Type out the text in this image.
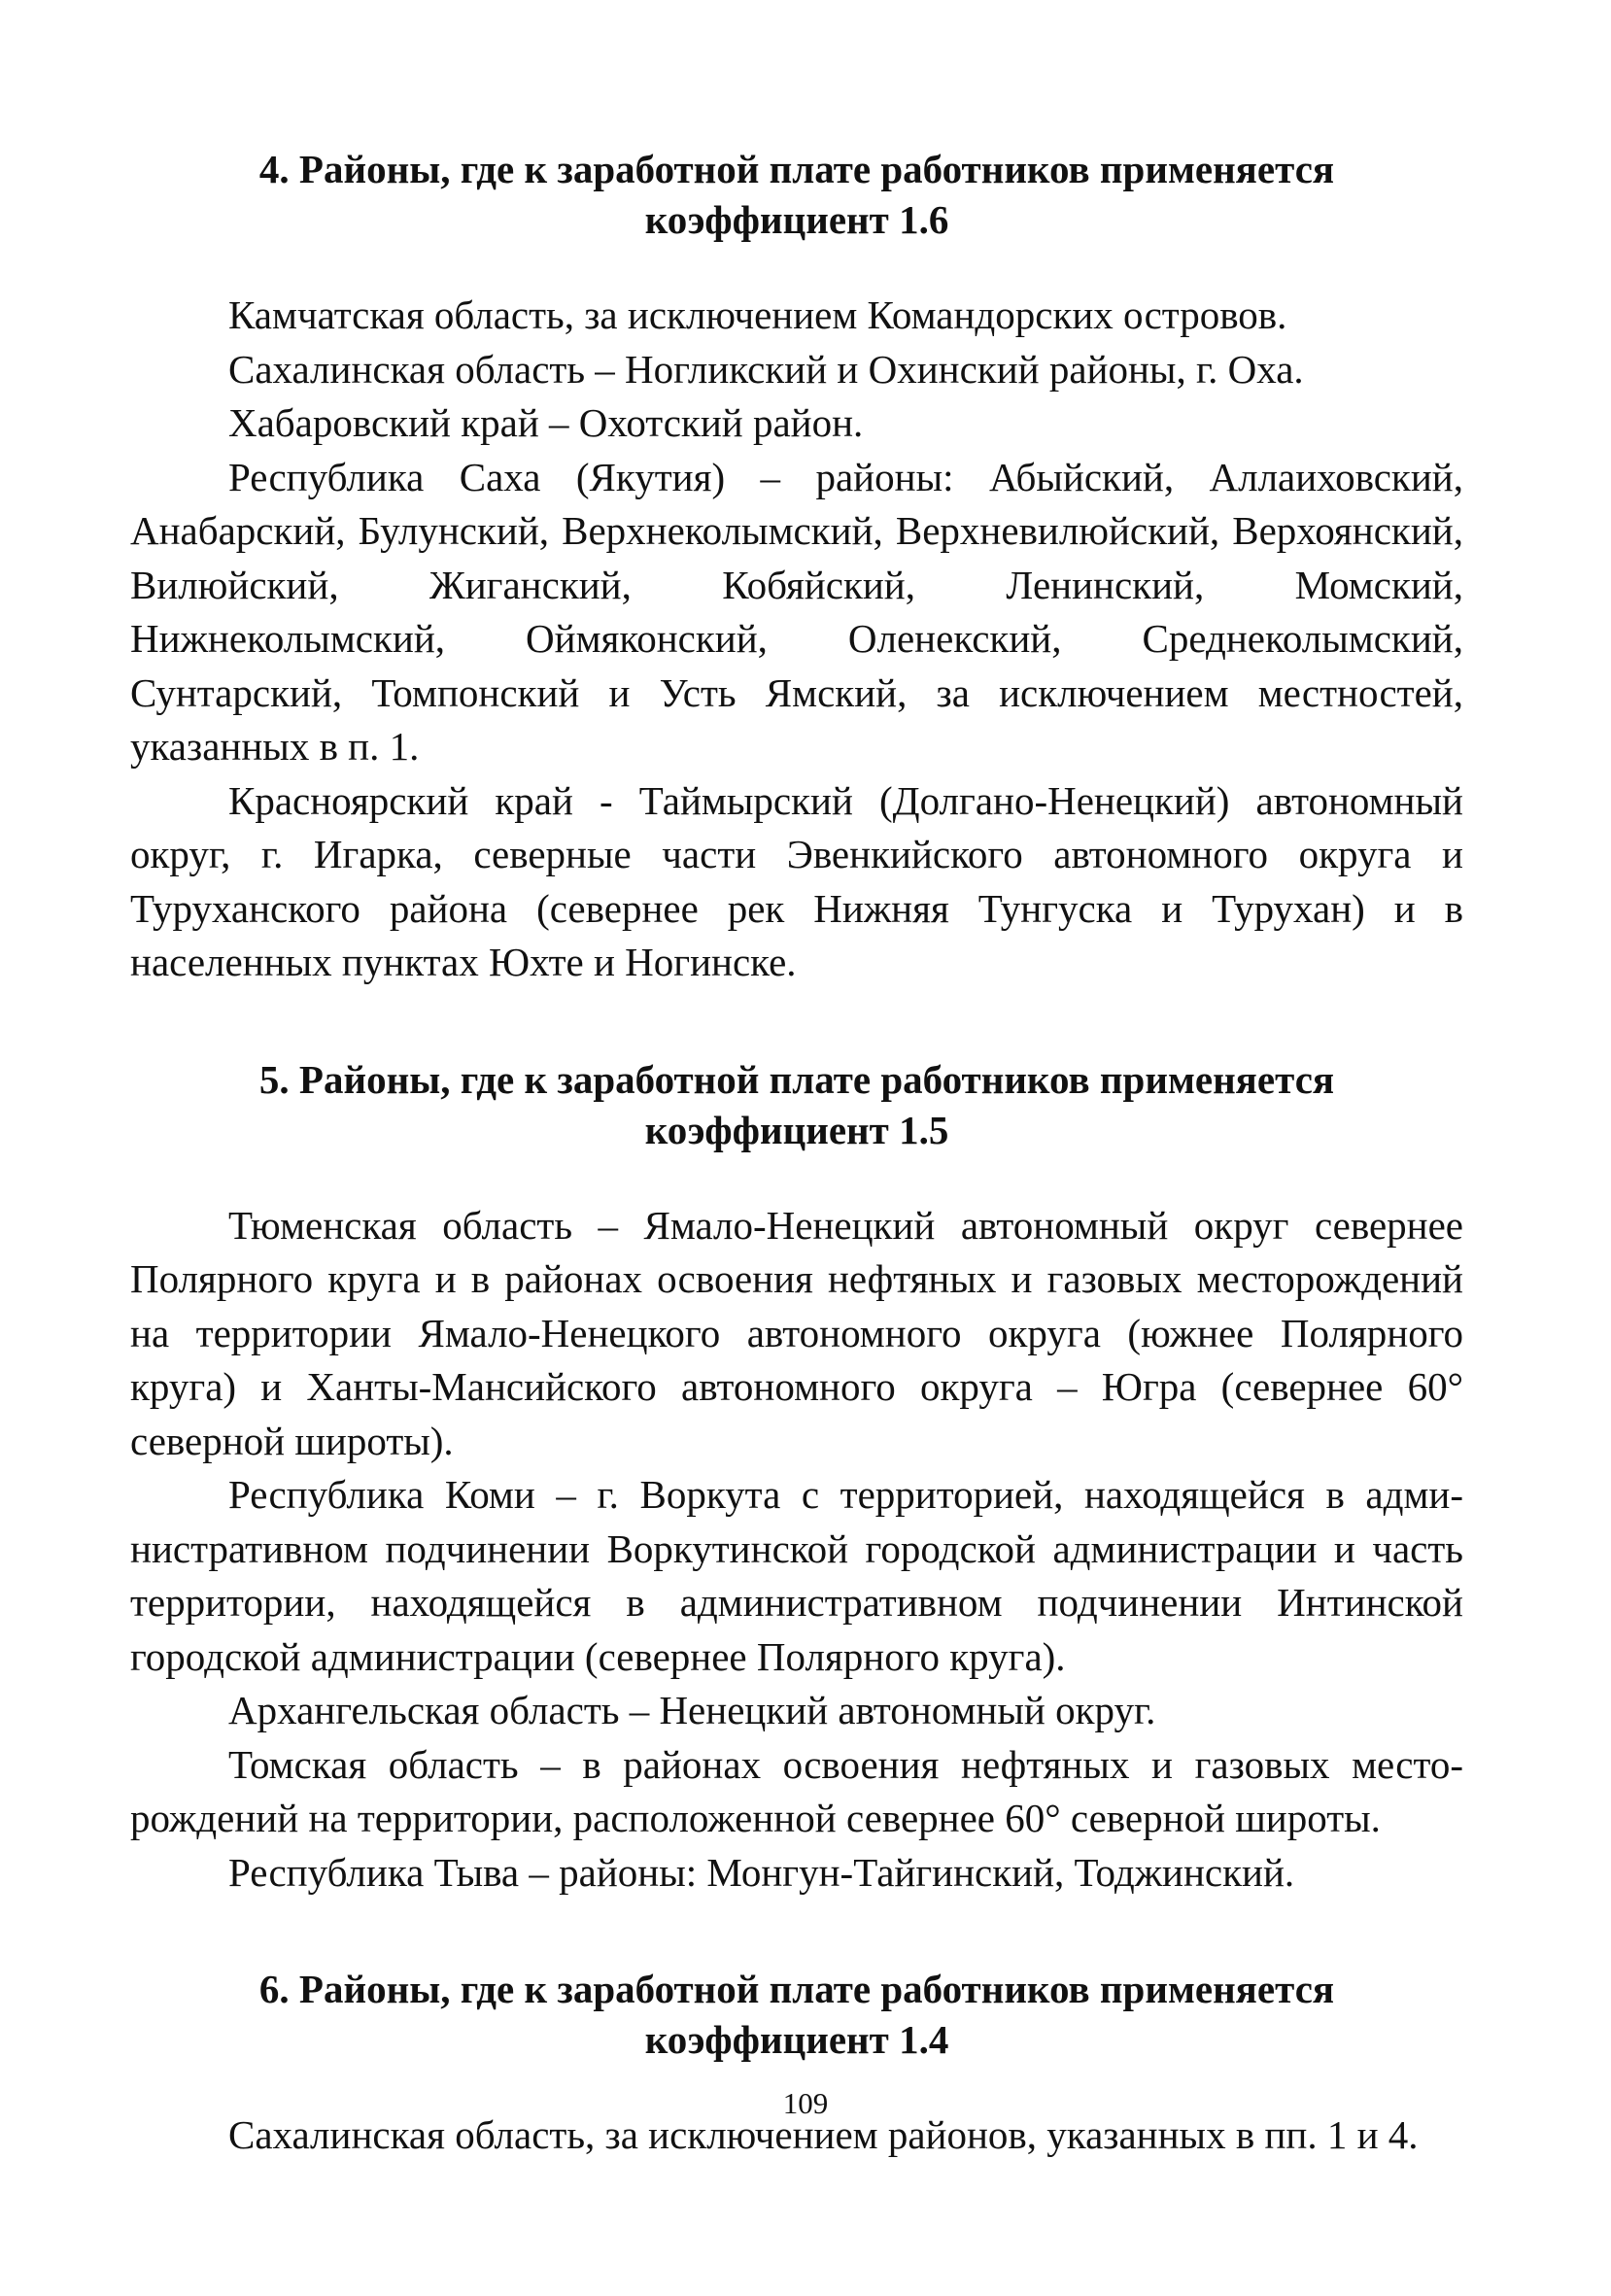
4. Районы, где к заработной плате работников применяется
коэффициент 1.6

Камчатская область, за исключением Командорских островов.

Сахалинская область – Ногликский и Охинский районы, г. Оха.

Хабаровский край – Охотский район.

Республика Саха (Якутия) – районы: Абыйский, Аллаиховский, Анабарский, Булунский, Верхнеколымский, Верхневилюйский, Верхоянский, Вилюйский, Жиганский, Кобяйский, Ленинский, Момский, Нижнеколымский, Оймяконский, Оленекский, Среднеколымский, Сунтарский, Томпонский и Усть Ямский, за исключением местностей, указанных в п. 1.

Красноярский край - Таймырский (Долгано-Ненецкий) автономный округ, г. Игарка, северные части Эвенкийского автономного округа и Туруханского района (севернее рек Нижняя Тунгуска и Турухан) и в населенных пунктах Юхте и Ногинске.

5. Районы, где к заработной плате работников применяется
коэффициент 1.5

Тюменская область – Ямало-Ненецкий автономный округ севернее Полярного круга и в районах освоения нефтяных и газовых месторождений на территории Ямало-Ненецкого автономного округа (южнее Полярного круга) и Ханты-Мансийского автономного округа – Югра (севернее 60° северной широты).

Республика Коми – г. Воркута с территорией, находящейся в административном подчинении Воркутинской городской администрации и часть территории, находящейся в административном подчинении Интинской городской администрации (севернее Полярного круга).

Архангельская область – Ненецкий автономный округ.

Томская область – в районах освоения нефтяных и газовых месторождений на территории, расположенной севернее 60° северной широты.

Республика Тыва – районы: Монгун-Тайгинский, Тоджинский.

6. Районы, где к заработной плате работников применяется
коэффициент 1.4

Сахалинская область, за исключением районов, указанных в пп. 1 и 4.

109
